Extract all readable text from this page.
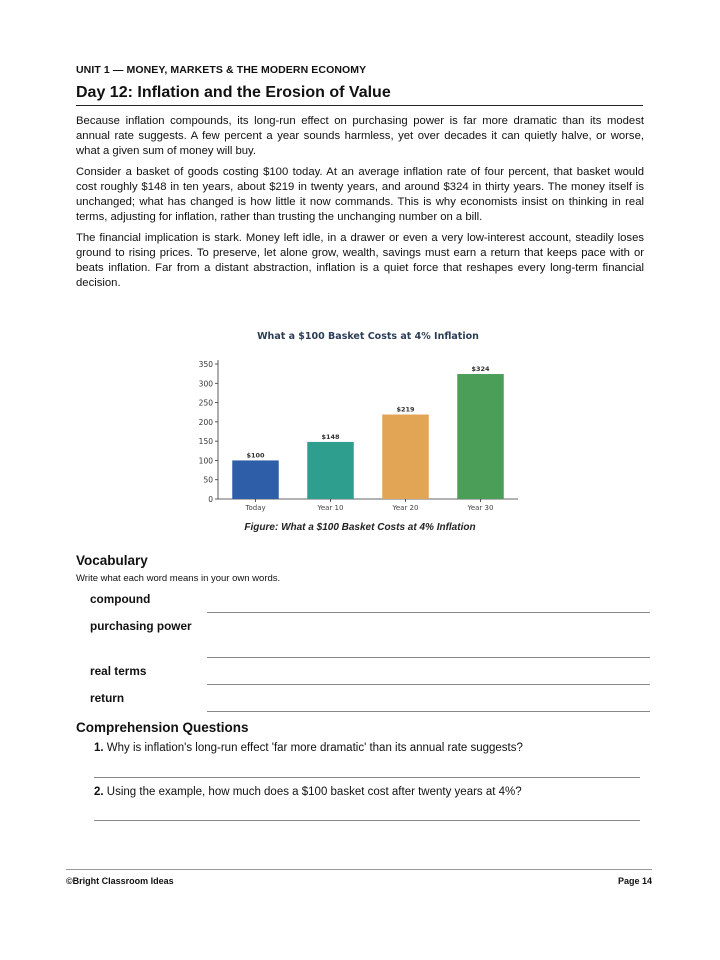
UNIT 1 — MONEY, MARKETS & THE MODERN ECONOMY
Day 12: Inflation and the Erosion of Value

Because inflation compounds, its long-run effect on purchasing power is far more dramatic than its modest annual rate suggests. A few percent a year sounds harmless, yet over decades it can quietly halve, or worse, what a given sum of money will buy.

Consider a basket of goods costing $100 today. At an average inflation rate of four percent, that basket would cost roughly $148 in ten years, about $219 in twenty years, and around $324 in thirty years. The money itself is unchanged; what has changed is how little it now commands. This is why economists insist on thinking in real terms, adjusting for inflation, rather than trusting the unchanging number on a bill.

The financial implication is stark. Money left idle, in a drawer or even a very low-interest account, steadily loses ground to rising prices. To preserve, let alone grow, wealth, savings must earn a return that keeps pace with or beats inflation. Far from a distant abstraction, inflation is a quiet force that reshapes every long-term financial decision.

What a $100 Basket Costs at 4% Inflation
0
50
100
150
200
250
300
350
$100
Today
$148
Year 10
$219
Year 20
$324
Year 30
Figure: What a $100 Basket Costs at 4% Inflation
Vocabulary
Write what each word means in your own words.
compound
purchasing power
real terms
return
Comprehension Questions
1. Why is inflation's long-run effect 'far more dramatic' than its annual rate suggests?
2. Using the example, how much does a $100 basket cost after twenty years at 4%?
©Bright Classroom Ideas	Page 14
